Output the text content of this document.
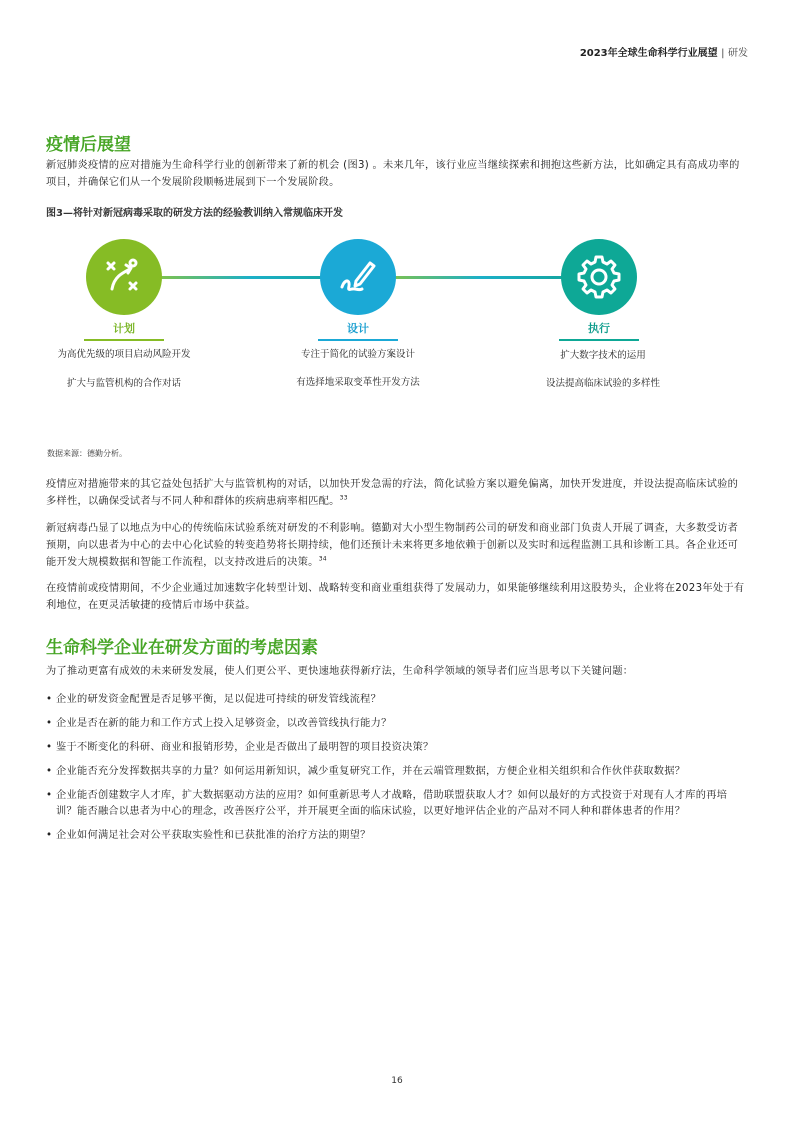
2023年全球生命科学行业展望 | 研发
疫情后展望

新冠肺炎疫情的应对措施为生命科学行业的创新带来了新的机会 (图3) 。未来几年，该行业应当继续探索和拥抱这些新方法，比如确定具有高成功率的项目，并确保它们从一个发展阶段顺畅进展到下一个发展阶段。

图3—将针对新冠病毒采取的研发方法的经验教训纳入常规临床开发

计划	设计	执行
为高优先级的项目启动风险开发
扩大与监管机构的合作对话
专注于简化的试验方案设计
有选择地采取变革性开发方法
扩大数字技术的运用
设法提高临床试验的多样性
数据来源：德勤分析。

疫情应对措施带来的其它益处包括扩大与监管机构的对话，以加快开发急需的疗法，简化试验方案以避免偏离，加快开发进度，并设法提高临床试验的多样性，以确保受试者与不同人种和群体的疾病患病率相匹配。$^{33}$

新冠病毒凸显了以地点为中心的传统临床试验系统对研发的不利影响。德勤对大小型生物制药公司的研发和商业部门负责人开展了调查，大多数受访者预期，向以患者为中心的去中心化试验的转变趋势将长期持续，他们还预计未来将更多地依赖于创新以及实时和远程监测工具和诊断工具。各企业还可能开发大规模数据和智能工作流程，以支持改进后的决策。$^{34}$

在疫情前或疫情期间，不少企业通过加速数字化转型计划、战略转变和商业重组获得了发展动力，如果能够继续利用这股势头，企业将在2023年处于有利地位，在更灵活敏捷的疫情后市场中获益。

生命科学企业在研发方面的考虑因素

为了推动更富有成效的未来研发发展，使人们更公平、更快速地获得新疗法，生命科学领域的领导者们应当思考以下关键问题：

• 企业的研发资金配置是否足够平衡，足以促进可持续的研发管线流程？
• 企业是否在新的能力和工作方式上投入足够资金，以改善管线执行能力？
• 鉴于不断变化的科研、商业和报销形势，企业是否做出了最明智的项目投资决策？
• 企业能否充分发挥数据共享的力量？如何运用新知识，减少重复研究工作，并在云端管理数据，方便企业相关组织和合作伙伴获取数据？
• 企业能否创建数字人才库，扩大数据驱动方法的应用？如何重新思考人才战略，借助联盟获取人才？如何以最好的方式投资于对现有人才库的再培训？能否融合以患者为中心的理念，改善医疗公平，并开展更全面的临床试验，以更好地评估企业的产品对不同人种和群体患者的作用？
• 企业如何满足社会对公平获取实验性和已获批准的治疗方法的期望？
16
